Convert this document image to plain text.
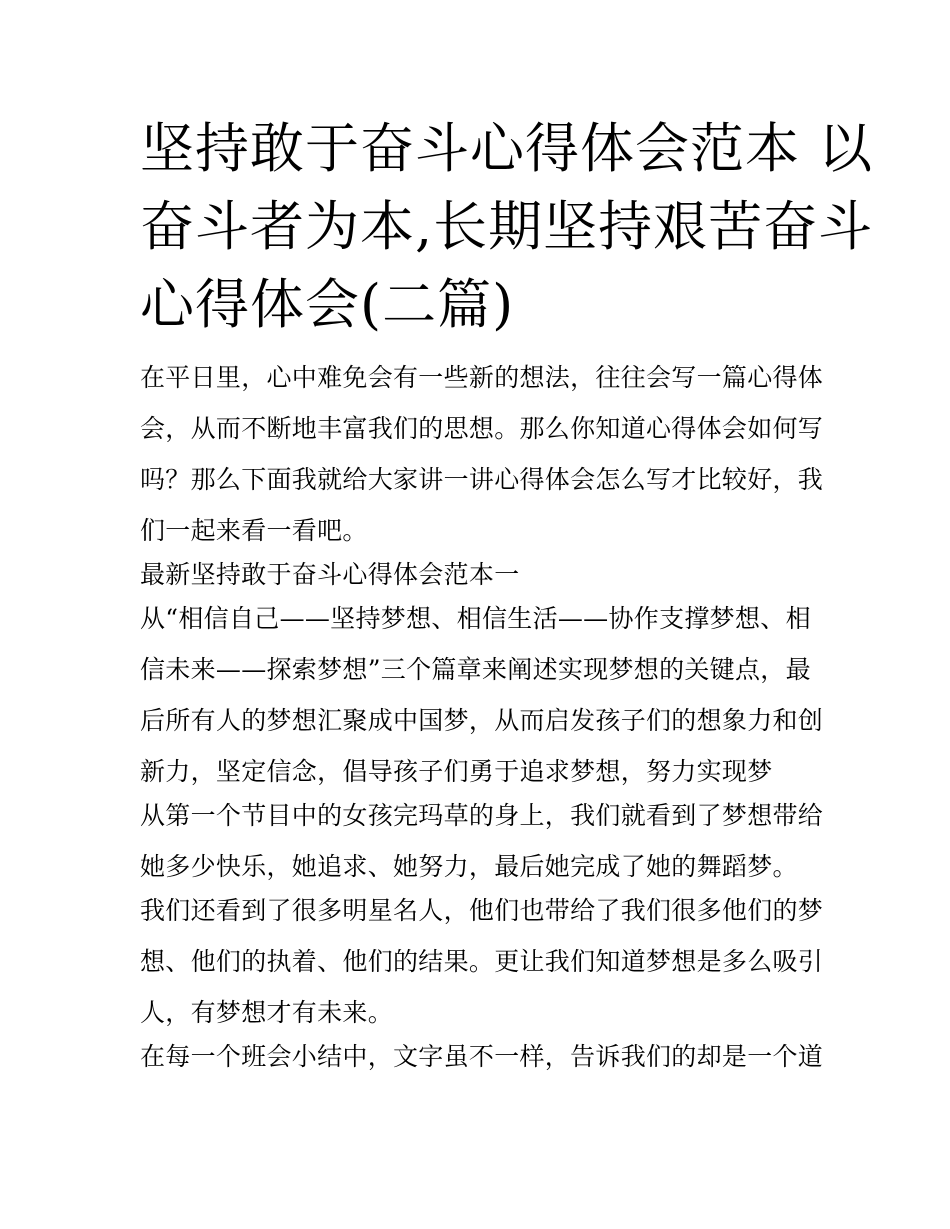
坚持敢于奋斗心得体会范本 以
奋斗者为本,长期坚持艰苦奋斗
心得体会(二篇)
在平日里，心中难免会有一些新的想法，往往会写一篇心得体
会，从而不断地丰富我们的思想。那么你知道心得体会如何写
吗？那么下面我就给大家讲一讲心得体会怎么写才比较好，我
们一起来看一看吧。
最新坚持敢于奋斗心得体会范本一
从“相信自己——坚持梦想、相信生活——协作支撑梦想、相
信未来——探索梦想”三个篇章来阐述实现梦想的关键点，最
后所有人的梦想汇聚成中国梦，从而启发孩子们的想象力和创
新力，坚定信念，倡导孩子们勇于追求梦想，努力实现梦
从第一个节目中的女孩完玛草的身上，我们就看到了梦想带给
她多少快乐，她追求、她努力，最后她完成了她的舞蹈梦。
我们还看到了很多明星名人，他们也带给了我们很多他们的梦
想、他们的执着、他们的结果。更让我们知道梦想是多么吸引
人，有梦想才有未来。
在每一个班会小结中，文字虽不一样，告诉我们的却是一个道
